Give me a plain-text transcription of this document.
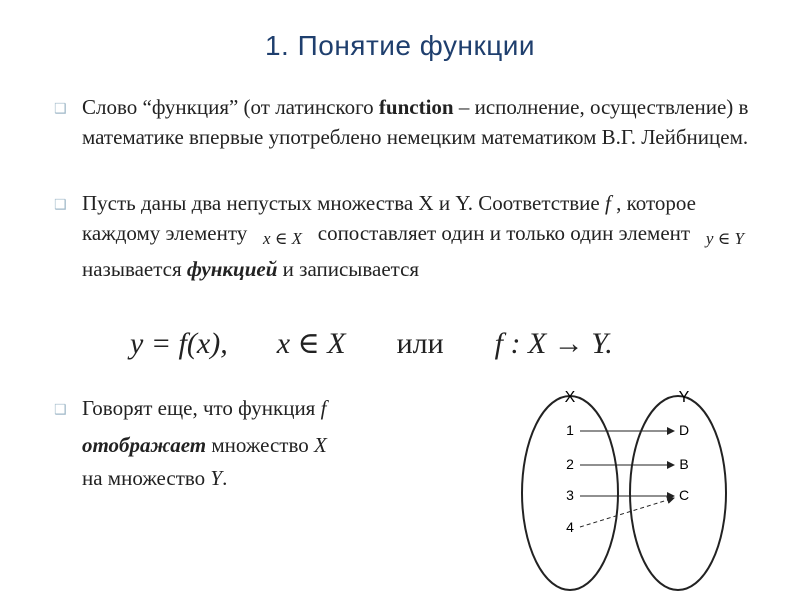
1. Понятие функции
❑ Слово “функция” (от латинского function – исполнение, осуществление) в математике впервые употреблено немецким математиком В.Г. Лейбницем.
❑ Пусть даны два непустых множества X и Y. Соответствие f , которое каждому элементу   x ∈ X   сопоставляет один и только один элемент   y ∈ Y  называется функцией и записывается
y = f(x), x ∈ X или f : X → Y.
❑ Говорят еще, что функция f
отображает множество X
на множество Y.
X	Y
1
2
3
4
D
B
C
